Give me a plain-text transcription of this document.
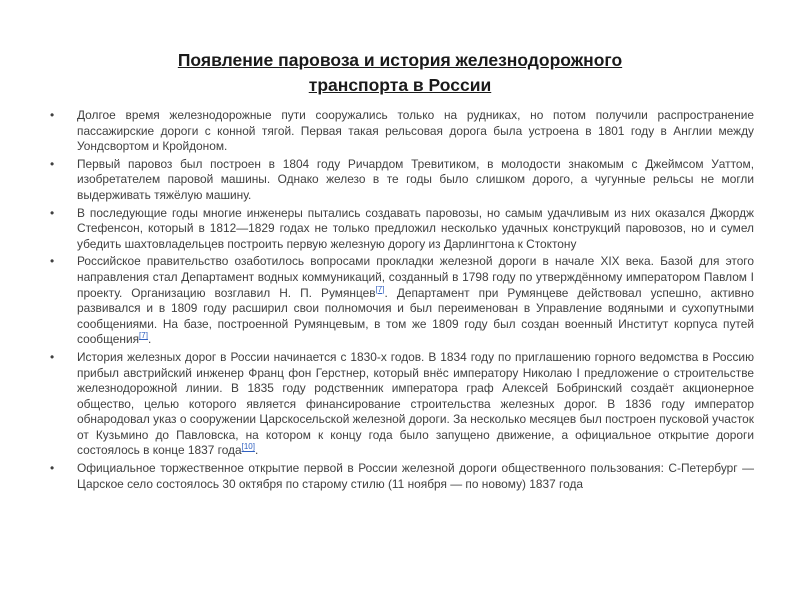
Появление паровоза и история железнодорожного
транспорта в России

• Долгое время железнодорожные пути сооружались только на рудниках, но потом получили распространение пассажирские дороги с конной тягой. Первая такая рельсовая дорога была устроена в 1801 году в Англии между Уондсвортом и Кройдоном.

• Первый паровоз был построен в 1804 году Ричардом Тревитиком, в молодости знакомым с Джеймсом Уаттом, изобретателем паровой машины. Однако железо в те годы было слишком дорого, а чугунные рельсы не могли выдерживать тяжёлую машину.

• В последующие годы многие инженеры пытались создавать паровозы, но самым удачливым из них оказался Джордж Стефенсон, который в 1812—1829 годах не только предложил несколько удачных конструкций паровозов, но и сумел убедить шахтовладельцев построить первую железную дорогу из Дарлингтона к Стоктону

• Российское правительство озаботилось вопросами прокладки железной дороги в начале XIX века. Базой для этого направления стал Департамент водных коммуникаций, созданный в 1798 году по утверждённому императором Павлом I проекту. Организацию возглавил Н. П. Румянцев[7]. Департамент при Румянцеве действовал успешно, активно развивался и в 1809 году расширил свои полномочия и был переименован в Управление водяными и сухопутными сообщениями. На базе, построенной Румянцевым, в том же 1809 году был создан военный Институт корпуса путей сообщения[7].

• История железных дорог в России начинается с 1830-х годов. В 1834 году по приглашению горного ведомства в Россию прибыл австрийский инженер Франц фон Герстнер, который внёс императору Николаю I предложение о строительстве железнодорожной линии. В 1835 году родственник императора граф Алексей Бобринский создаёт акционерное общество, целью которого является финансирование строительства железных дорог. В 1836 году император обнародовал указ о сооружении Царскосельской железной дороги. За несколько месяцев был построен пусковой участок от Кузьмино до Павловска, на котором к концу года было запущено движение, а официальное открытие дороги состоялось в конце 1837 года[10].

• Официальное торжественное открытие первой в России железной дороги общественного пользования: С-Петербург — Царское село состоялось 30 октября по старому стилю (11 ноября — по новому) 1837 года
